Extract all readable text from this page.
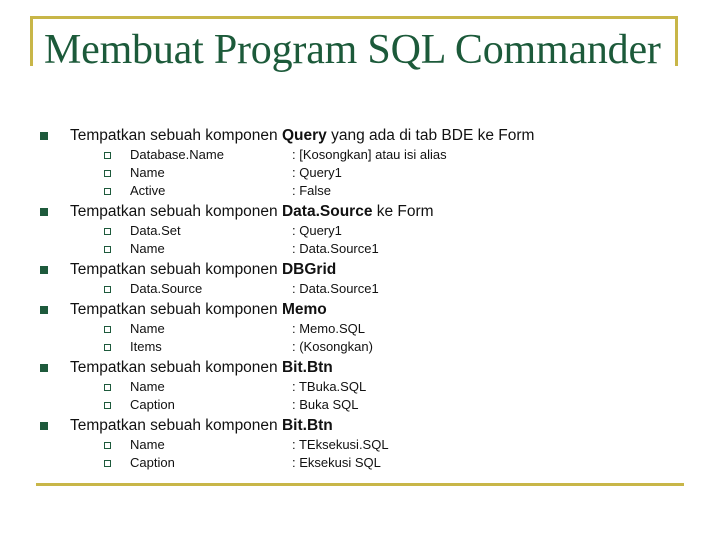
Membuat Program SQL Commander
Tempatkan sebuah komponen Query yang ada di tab BDE ke Form
Database.Name	: [Kosongkan] atau isi alias
Name	: Query1
Active	: False
Tempatkan sebuah komponen Data.Source ke Form
Data.Set	: Query1
Name	: Data.Source1
Tempatkan sebuah komponen DBGrid
Data.Source	: Data.Source1
Tempatkan sebuah komponen Memo
Name	: Memo.SQL
Items	: (Kosongkan)
Tempatkan sebuah komponen Bit.Btn
Name	: TBuka.SQL
Caption	: Buka SQL
Tempatkan sebuah komponen Bit.Btn
Name	: TEksekusi.SQL
Caption	: Eksekusi SQL
